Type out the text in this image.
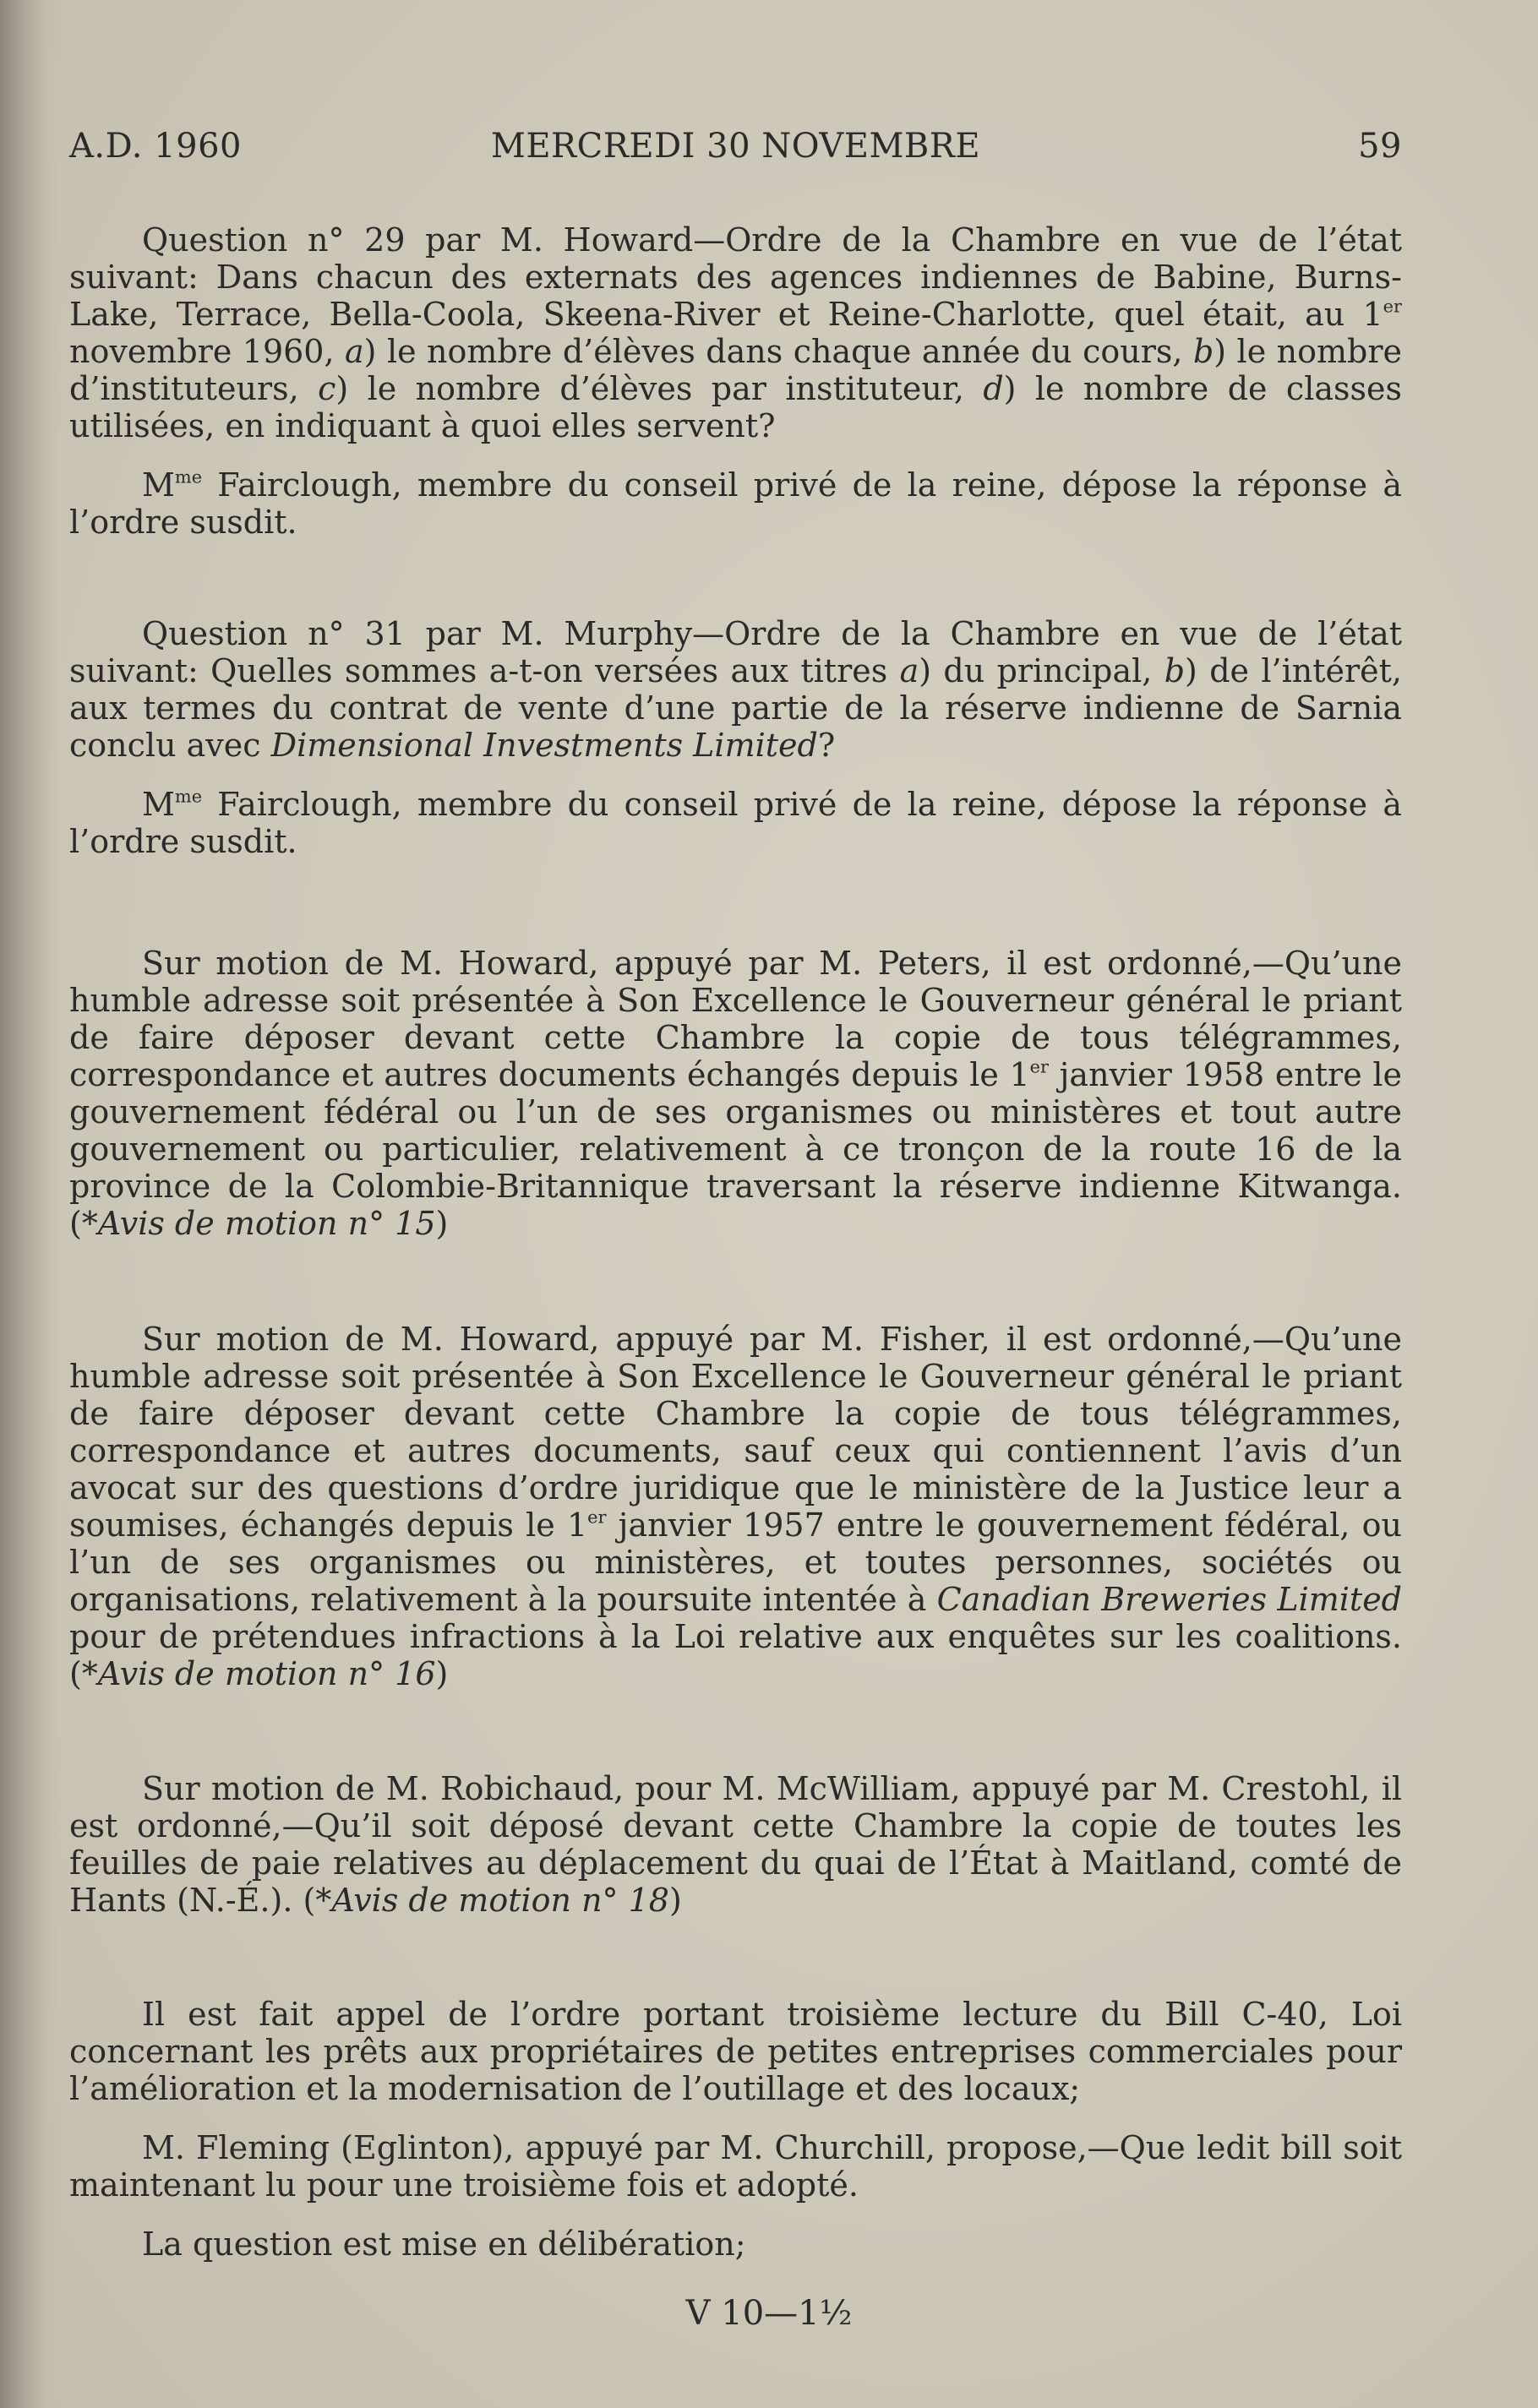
A.D. 1960	MERCREDI 30 NOVEMBRE	59

Question n° 29 par M. Howard—Ordre de la Chambre en vue de l’état suivant: Dans chacun des externats des agences indiennes de Babine, Burns-Lake, Terrace, Bella-Coola, Skeena-River et Reine-Charlotte, quel était, au 1er novembre 1960, a) le nombre d’élèves dans chaque année du cours, b) le nombre d’instituteurs, c) le nombre d’élèves par instituteur, d) le nombre de classes utilisées, en indiquant à quoi elles servent?

$M^{me}$ Fairclough, membre du conseil privé de la reine, dépose la réponse à l’ordre susdit.

Question n° 31 par M. Murphy—Ordre de la Chambre en vue de l’état suivant: Quelles sommes a-t-on versées aux titres a) du principal, b) de l’intérêt, aux termes du contrat de vente d’une partie de la réserve indienne de Sarnia conclu avec Dimensional Investments Limited?

$M^{me}$ Fairclough, membre du conseil privé de la reine, dépose la réponse à l’ordre susdit.

Sur motion de M. Howard, appuyé par M. Peters, il est ordonné,—Qu’une humble adresse soit présentée à Son Excellence le Gouverneur général le priant de faire déposer devant cette Chambre la copie de tous télégrammes, correspondance et autres documents échangés depuis le 1er janvier 1958 entre le gouvernement fédéral ou l’un de ses organismes ou ministères et tout autre gouvernement ou particulier, relativement à ce tronçon de la route 16 de la province de la Colombie-Britannique traversant la réserve indienne Kitwanga. (*Avis de motion n° 15)

Sur motion de M. Howard, appuyé par M. Fisher, il est ordonné,—Qu’une humble adresse soit présentée à Son Excellence le Gouverneur général le priant de faire déposer devant cette Chambre la copie de tous télégrammes, correspondance et autres documents, sauf ceux qui contiennent l’avis d’un avocat sur des questions d’ordre juridique que le ministère de la Justice leur a soumises, échangés depuis le 1er janvier 1957 entre le gouvernement fédéral, ou l’un de ses organismes ou ministères, et toutes personnes, sociétés ou organisations, relativement à la poursuite intentée à Canadian Breweries Limited pour de prétendues infractions à la Loi relative aux enquêtes sur les coalitions. (*Avis de motion n° 16)

Sur motion de M. Robichaud, pour M. McWilliam, appuyé par M. Crestohl, il est ordonné,—Qu’il soit déposé devant cette Chambre la copie de toutes les feuilles de paie relatives au déplacement du quai de l’État à Maitland, comté de Hants (N.-É.). (*Avis de motion n° 18)

Il est fait appel de l’ordre portant troisième lecture du Bill C-40, Loi concernant les prêts aux propriétaires de petites entreprises commerciales pour l’amélioration et la modernisation de l’outillage et des locaux;

M. Fleming (Eglinton), appuyé par M. Churchill, propose,—Que ledit bill soit maintenant lu pour une troisième fois et adopté.

La question est mise en délibération;

V 10—1½
